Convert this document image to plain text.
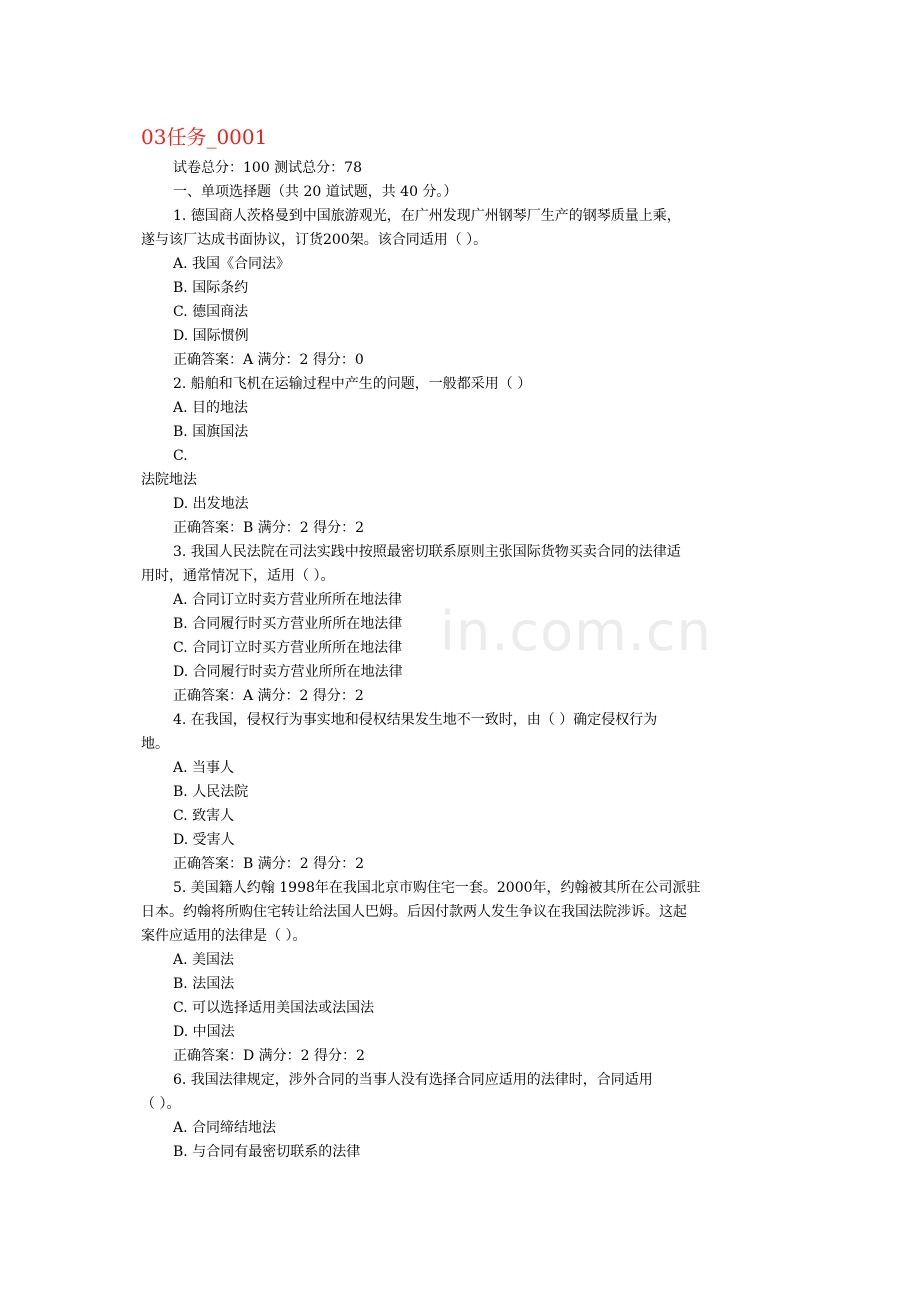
03任务_0001
试卷总分：100 测试总分：78
一、单项选择题（共 20 道试题，共 40 分。）
1. 德国商人茨格曼到中国旅游观光，在广州发现广州钢琴厂生产的钢琴质量上乘，
遂与该厂达成书面协议，订货200架。该合同适用（ ）。
A. 我国《合同法》
B. 国际条约
C. 德国商法
D. 国际惯例
正确答案：A 满分：2 得分：0
2. 船舶和飞机在运输过程中产生的问题，一般都采用（ ）
A. 目的地法
B. 国旗国法
C.
法院地法
D. 出发地法
正确答案：B 满分：2 得分：2
3. 我国人民法院在司法实践中按照最密切联系原则主张国际货物买卖合同的法律适
用时，通常情况下，适用（ ）。
A. 合同订立时卖方营业所所在地法律
B. 合同履行时买方营业所所在地法律
C. 合同订立时买方营业所所在地法律
D. 合同履行时卖方营业所所在地法律
正确答案：A 满分：2 得分：2
4. 在我国，侵权行为事实地和侵权结果发生地不一致时，由（ ）确定侵权行为
地。
A. 当事人
B. 人民法院
C. 致害人
D. 受害人
正确答案：B 满分：2 得分：2
5. 美国籍人约翰 1998年在我国北京市购住宅一套。2000年，约翰被其所在公司派驻
日本。约翰将所购住宅转让给法国人巴姆。后因付款两人发生争议在我国法院涉诉。这起
案件应适用的法律是（ ）。
A. 美国法
B. 法国法
C. 可以选择适用美国法或法国法
D. 中国法
正确答案：D 满分：2 得分：2
6. 我国法律规定，涉外合同的当事人没有选择合同应适用的法律时，合同适用
（ ）。
A. 合同缔结地法
B. 与合同有最密切联系的法律
in.com.cn
